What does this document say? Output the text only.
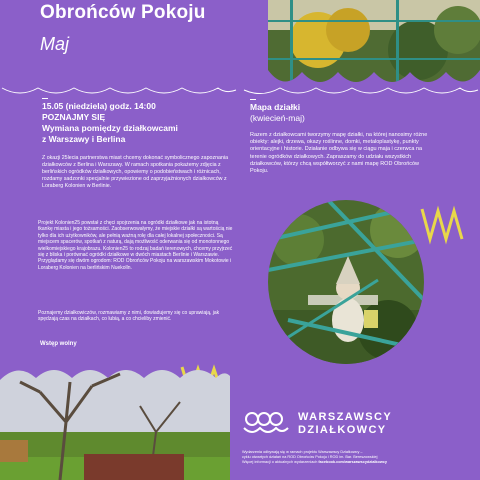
Obrońców Pokoju
Maj
15.05 (niedziela) godz. 14:00
POZNAJMY SIĘ
Wymiana pomiędzy działkowcami
z Warszawy i Berlina
Z okazji 25lecia partnerstwa miast chcemy dokonać symbolicznego zapoznania działkowców z Berlina i Warszawy. W ramach spotkania pokażemy zdjęcia z berlińskich ogródków działkowych, opowiemy o podobieństwach i różnicach, rozdamy sadzonki specjalnie przywiezione od zaprzyjaźnionych działkowców z Loraberg Kolonien w Berlinie.
Projekt Kolonien25 powstał z chęci spojrzenia na ogródki działkowe jak na istotną tkankę miasta i jego tożsamości. Zaobserwowałymy, że miejskie działki są wartością nie tylko dla ich użytkowników, ale pełnią ważną rolę dla całej lokalnej społeczności. Są miejscem spacerów, spotkań z naturą, dają możliwość oderwania się od monotonnego wielkomiejskiego krajobrazu. Kolonien25 to rodzaj badań terenowych, chcemy przyjrzeć się z bliska i porównać ogródki działkowe w dwóch miastach Berlinie i Warszawie. Przyglądamy się dwóm ogrodom: ROD Obrońców Pokoju na warszawskim Mokotowie i Loraberg Kolonien na berlińskim Nuekolln.
Poznajemy działkowiczów, rozmawiamy z nimi, dowiadujemy się co uprawiają, jak spędzają czas na działkach, co lubią, a co chcieliby zmienić.
Wstęp wolny
Mapa działki
(kwiecień-maj)
Razem z działkowcami tworzymy mapę działki, na której nanosimy różne obiekty: alejki, drzewa, okazy roślinne, domki, metaloplastykę, punkty orientacyjne i historie. Działanie odbywa się w ciągu maja i czerwca na terenie ogródków działkowych. Zapraszamy do udziału wszystkich działkowców, którzy chcą współtworzyć z nami mapę ROD Obrońców Pokoju.
WARSZAWSCY
DZIAŁKOWCY
Wydarzenia odbywają się w ramach projektu Warszawscy Działkowcy –
cyklu otwartych działań na ROD Obrońców Pokoju i ROD im. Bar. Bereszowskiej
Więcej informacji o aktualnych wydarzeniach facebook.com/warszawscydzialkowcy
